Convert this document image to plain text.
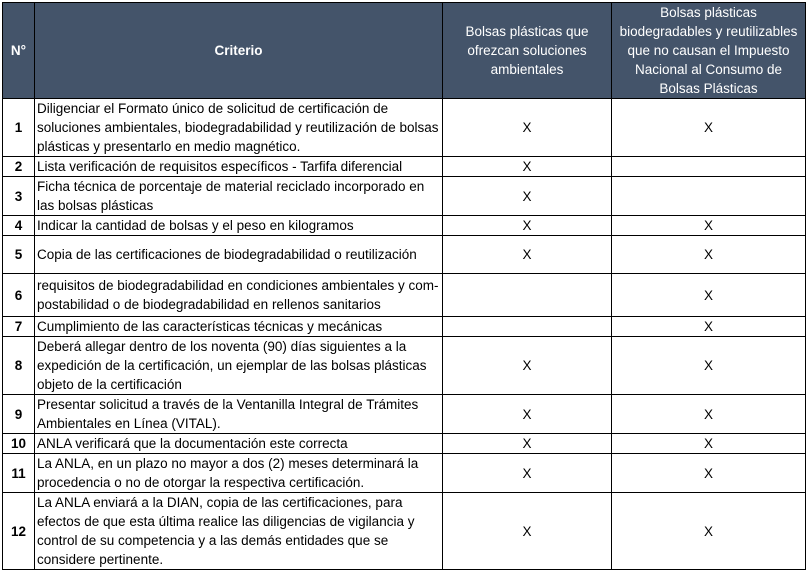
N°	Criterio	Bolsas plásticas que ofrezcan soluciones ambientales	Bolsas plásticas biodegradables y reutilizables que no causan el Impuesto Nacional al Consumo de Bolsas Plásticas
1	Diligenciar el Formato único de solicitud de certificación de soluciones ambientales, biodegradabilidad y reutilización de bolsas plásticas y presentarlo en medio magnético.	X	X
2	Lista verificación de requisitos específicos - Tarfifa diferencial	X	
3	Ficha técnica de porcentaje de material reciclado incorporado en las bolsas plásticas	X	
4	Indicar la cantidad de bolsas y el peso en kilogramos	X	X
5	Copia de las certificaciones de biodegradabilidad o reutilización	X	X
6	requisitos de biodegradabilidad en condiciones ambientales y com-postabilidad o de biodegradabilidad en rellenos sanitarios		X
7	Cumplimiento de las características técnicas y mecánicas		X
8	Deberá allegar dentro de los noventa (90) días siguientes a la expedición de la certificación, un ejemplar de las bolsas plásticas objeto de la certificación	X	X
9	Presentar solicitud a través de la Ventanilla Integral de Trámites Ambientales en Línea (VITAL).	X	X
10	ANLA verificará que la documentación este correcta	X	X
11	La ANLA, en un plazo no mayor a dos (2) meses determinará la procedencia o no de otorgar la respectiva certificación.	X	X
12	La ANLA enviará a la DIAN, copia de las certificaciones, para efectos de que esta última realice las diligencias de vigilancia y control de su competencia y a las demás entidades que se considere pertinente.	X	X
